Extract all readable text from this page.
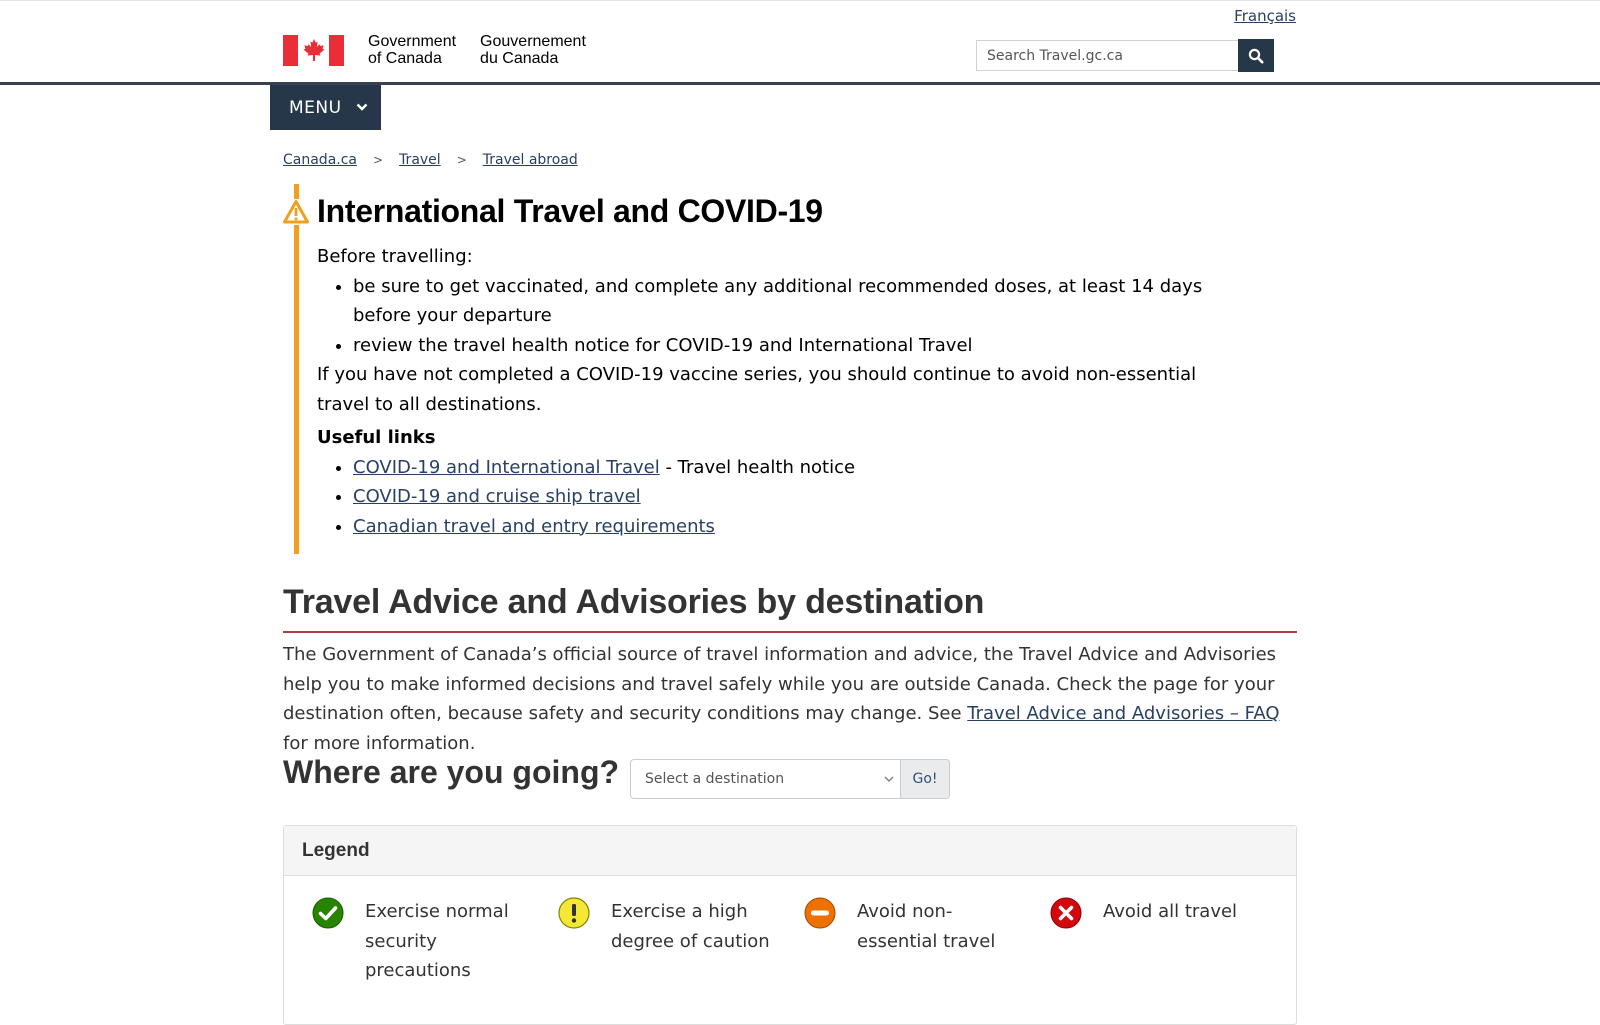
Français
Government
of Canada
Gouvernement
du Canada
Search Travel.gc.ca
MENU
Canada.ca > Travel > Travel abroad
International Travel and COVID-19

Before travelling:

• be sure to get vaccinated, and complete any additional recommended doses, at least 14 days before your departure
• review the travel health notice for COVID-19 and International Travel

If you have not completed a COVID-19 vaccine series, you should continue to avoid non-essential travel to all destinations.

Useful links

• COVID-19 and International Travel - Travel health notice
• COVID-19 and cruise ship travel
• Canadian travel and entry requirements
Travel Advice and Advisories by destination

The Government of Canada’s official source of travel information and advice, the Travel Advice and Advisories help you to make informed decisions and travel safely while you are outside Canada. Check the page for your destination often, because safety and security conditions may change. See Travel Advice and Advisories – FAQ for more information.

Where are you going? Select a destination	Go!
Legend
Exercise normal security precautions
Exercise a high degree of caution
Avoid non-essential travel
Avoid all travel
